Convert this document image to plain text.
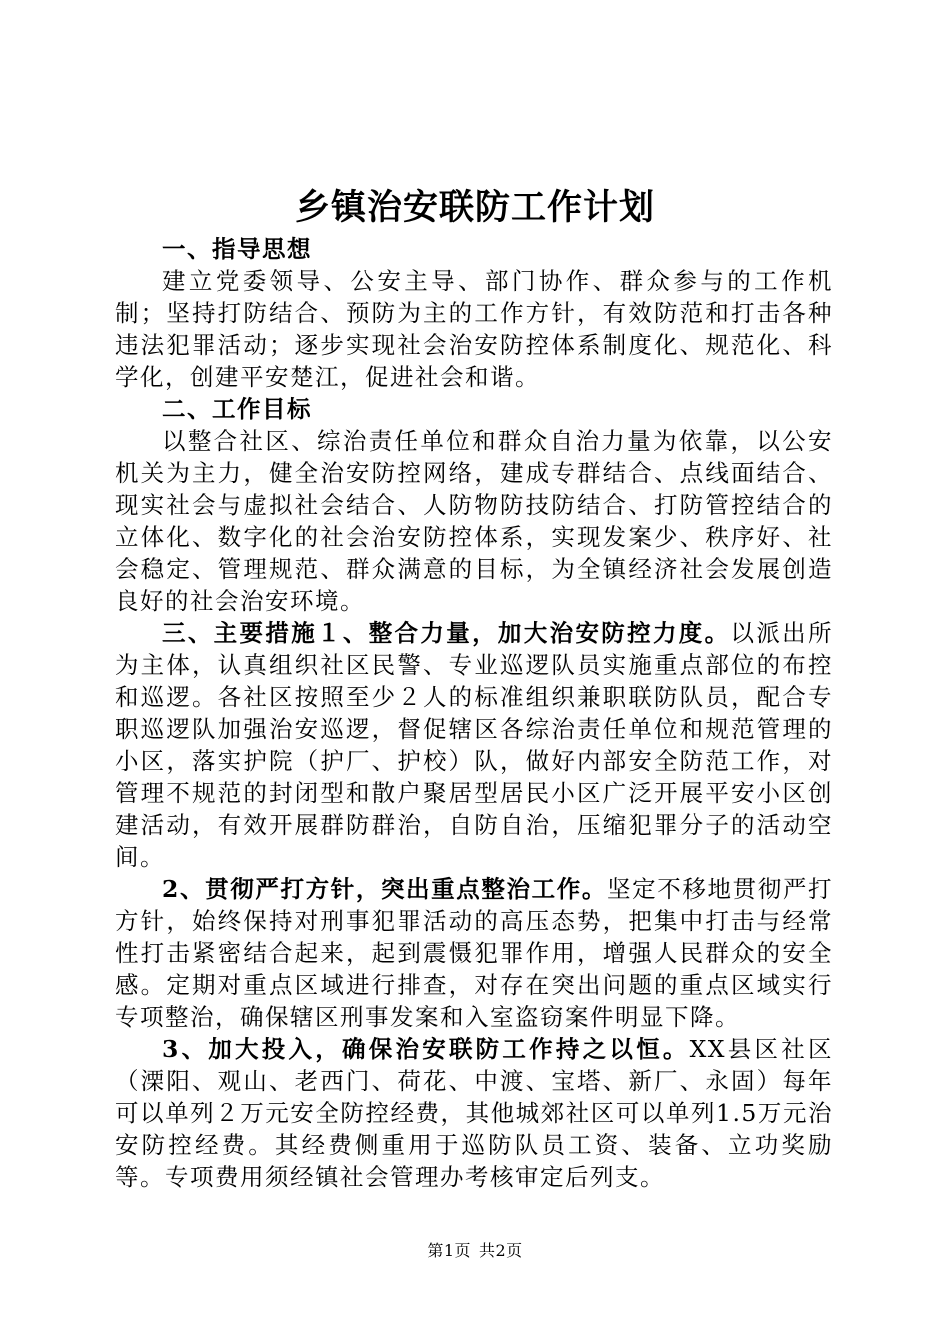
乡镇治安联防工作计划

一、指导思想

建立党委领导、公安主导、部门协作、群众参与的工作机制；坚持打防结合、预防为主的工作方针，有效防范和打击各种违法犯罪活动；逐步实现社会治安防控体系制度化、规范化、科学化，创建平安楚江，促进社会和谐。

二、工作目标

以整合社区、综治责任单位和群众自治力量为依靠，以公安机关为主力，健全治安防控网络，建成专群结合、点线面结合、现实社会与虚拟社会结合、人防物防技防结合、打防管控结合的立体化、数字化的社会治安防控体系，实现发案少、秩序好、社会稳定、管理规范、群众满意的目标，为全镇经济社会发展创造良好的社会治安环境。

三、主要措施１、整合力量，加大治安防控力度。以派出所为主体，认真组织社区民警、专业巡逻队员实施重点部位的布控和巡逻。各社区按照至少２人的标准组织兼职联防队员，配合专职巡逻队加强治安巡逻，督促辖区各综治责任单位和规范管理的小区，落实护院（护厂、护校）队，做好内部安全防范工作，对管理不规范的封闭型和散户聚居型居民小区广泛开展平安小区创建活动，有效开展群防群治，自防自治，压缩犯罪分子的活动空间。

2、贯彻严打方针，突出重点整治工作。坚定不移地贯彻严打方针，始终保持对刑事犯罪活动的高压态势，把集中打击与经常性打击紧密结合起来，起到震慑犯罪作用，增强人民群众的安全感。定期对重点区域进行排查，对存在突出问题的重点区域实行专项整治，确保辖区刑事发案和入室盗窃案件明显下降。

3、加大投入，确保治安联防工作持之以恒。XX县区社区（溧阳、观山、老西门、荷花、中渡、宝塔、新厂、永固）每年可以单列２万元安全防控经费，其他城郊社区可以单列1.5万元治安防控经费。其经费侧重用于巡防队员工资、装备、立功奖励等。专项费用须经镇社会管理办考核审定后列支。

第1页 共2页
